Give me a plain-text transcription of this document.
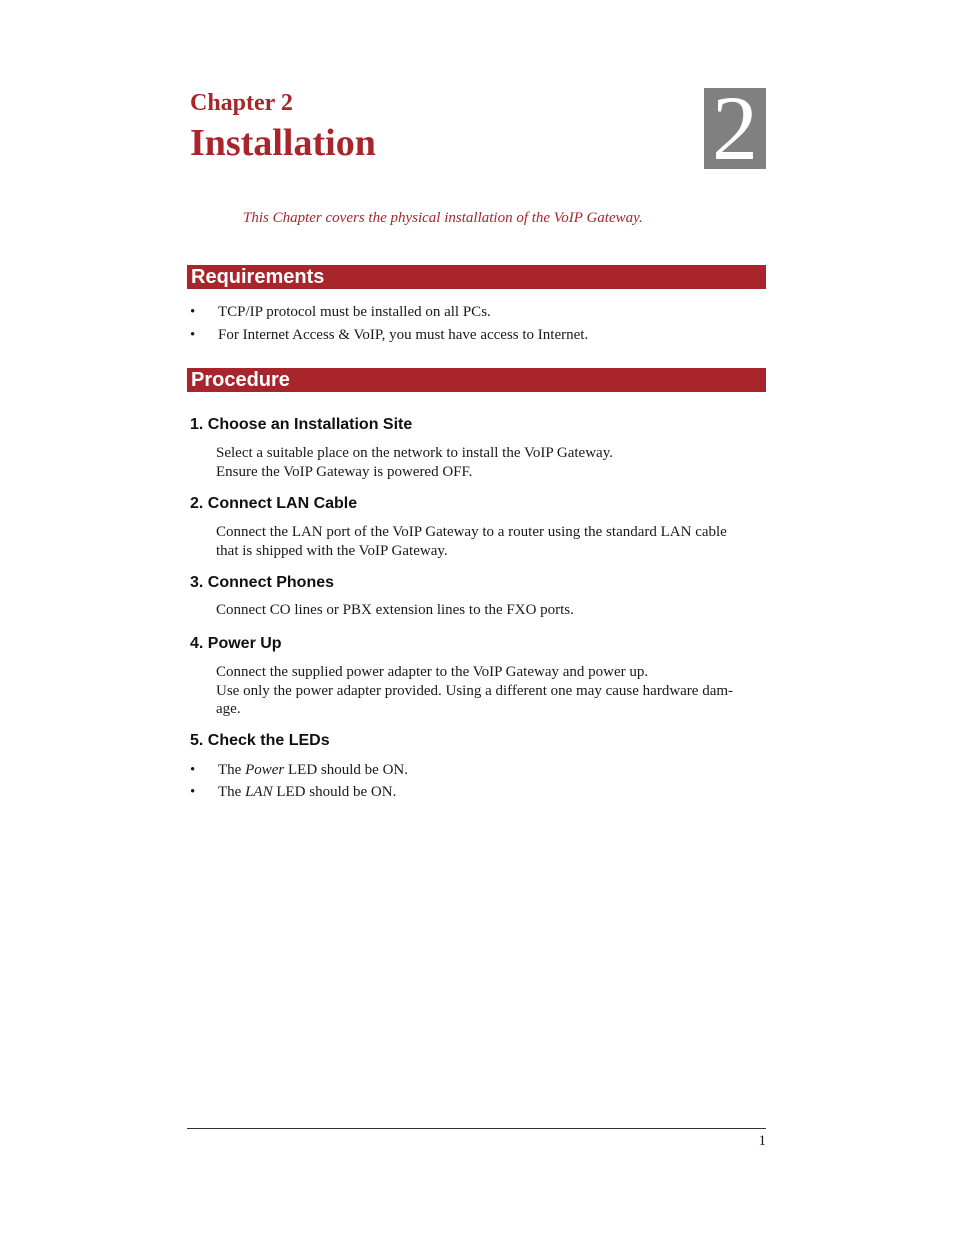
Chapter 2
Installation	2
This Chapter covers the physical installation of the VoIP Gateway.
Requirements
• TCP/IP protocol must be installed on all PCs.
• For Internet Access & VoIP, you must have access to Internet.
Procedure
1. Choose an Installation Site
Select a suitable place on the network to install the VoIP Gateway.
Ensure the VoIP Gateway is powered OFF.
2. Connect LAN Cable
Connect the LAN port of the VoIP Gateway to a router using the standard LAN cable
that is shipped with the VoIP Gateway.
3. Connect Phones
Connect CO lines or PBX extension lines to the FXO ports.
4. Power Up
Connect the supplied power adapter to the VoIP Gateway and power up.
Use only the power adapter provided. Using a different one may cause hardware dam-
age.
5. Check the LEDs
• The Power LED should be ON.
• The LAN LED should be ON.
1
